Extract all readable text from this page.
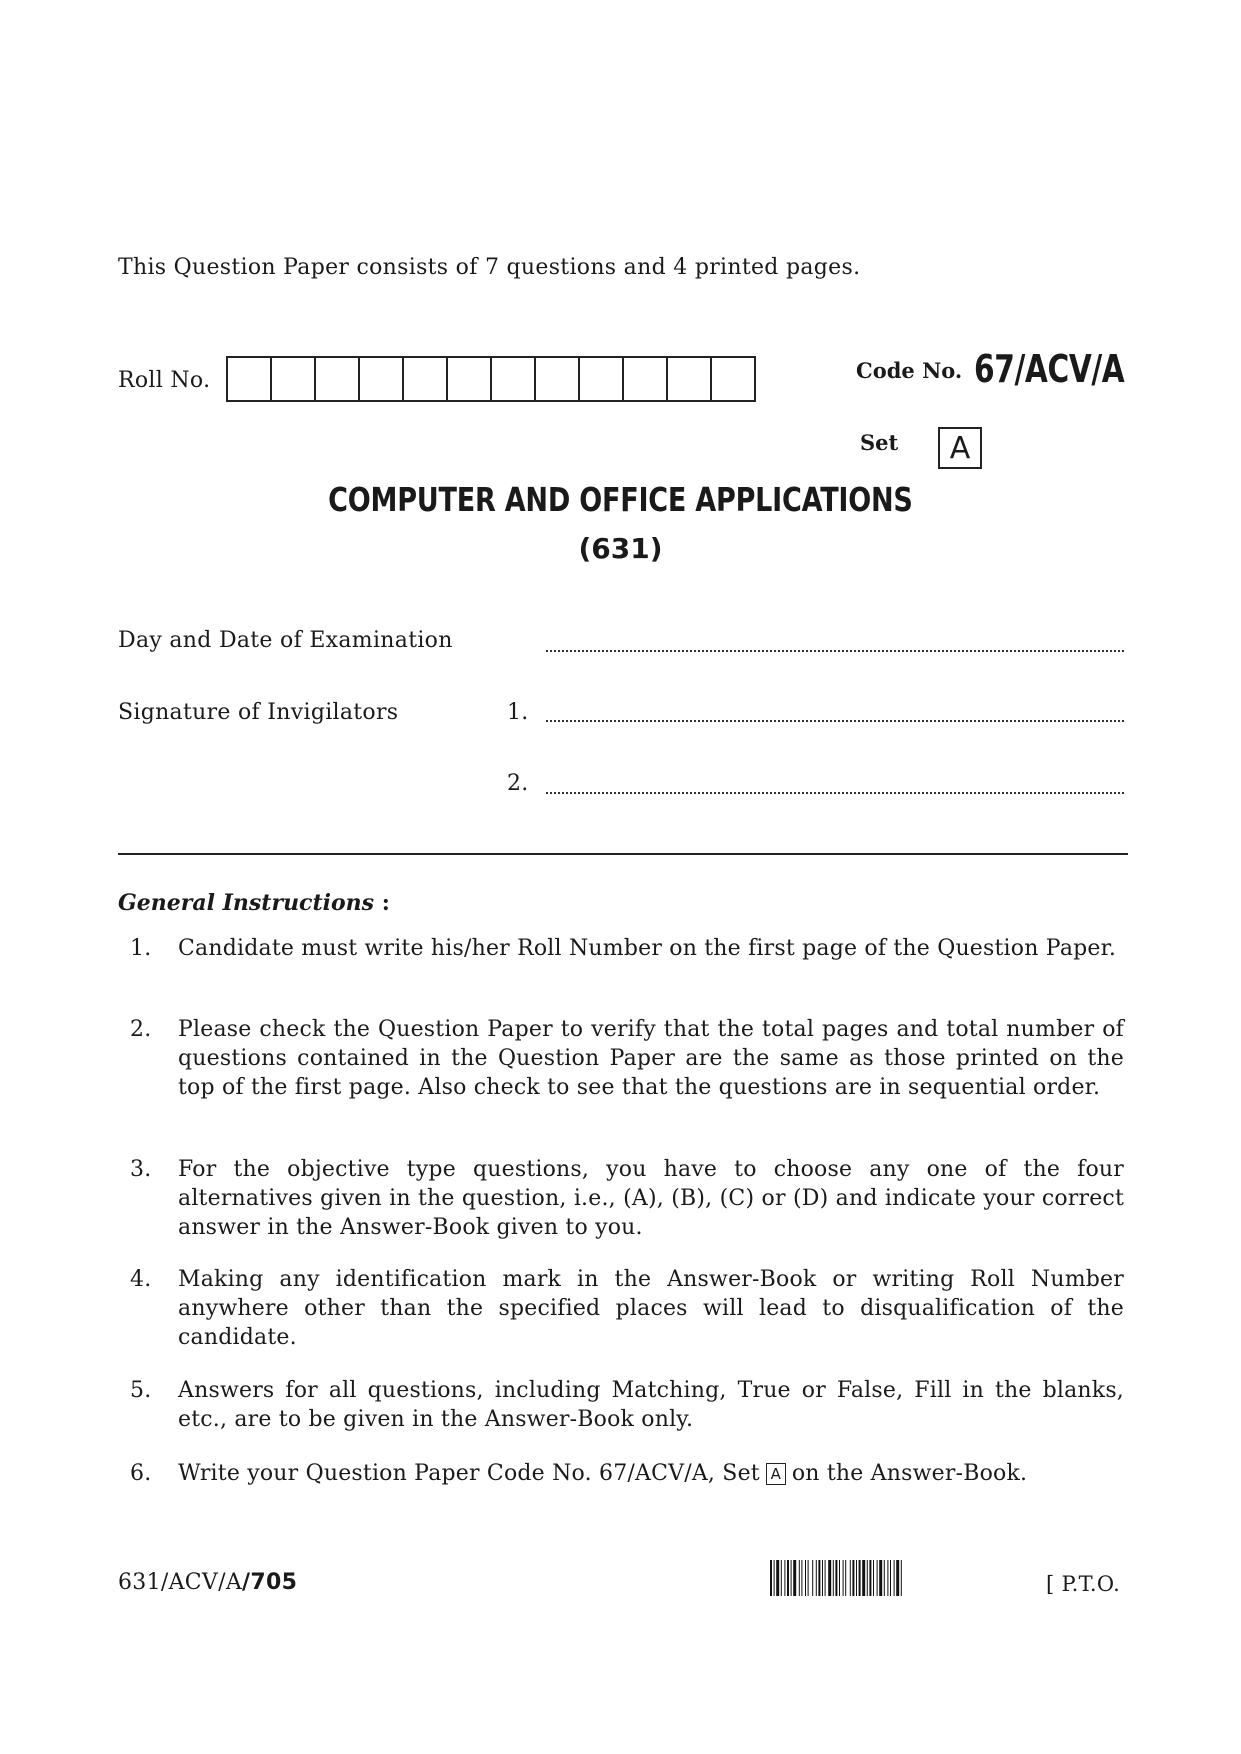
This Question Paper consists of 7 questions and 4 printed pages.
Roll No.	Code No. 67/ACV/A
Set	A
COMPUTER AND OFFICE APPLICATIONS
(631)
Day and Date of Examination
Signature of Invigilators	1.
2.
General Instructions :
1.	Candidate must write his/her Roll Number on the first page of the Question Paper.
2.	Please check the Question Paper to verify that the total pages and total number of questions contained in the Question Paper are the same as those printed on the top of the first page. Also check to see that the questions are in sequential order.
3.	For the objective type questions, you have to choose any one of the four alternatives given in the question, i.e., (A), (B), (C) or (D) and indicate your correct answer in the Answer-Book given to you.
4.	Making any identification mark in the Answer-Book or writing Roll Number anywhere other than the specified places will lead to disqualification of the candidate.
5.	Answers for all questions, including Matching, True or False, Fill in the blanks, etc., are to be given in the Answer-Book only.
6.	Write your Question Paper Code No. 67/ACV/A, Set A on the Answer-Book.
631/ACV/A/705	[ P.T.O.
